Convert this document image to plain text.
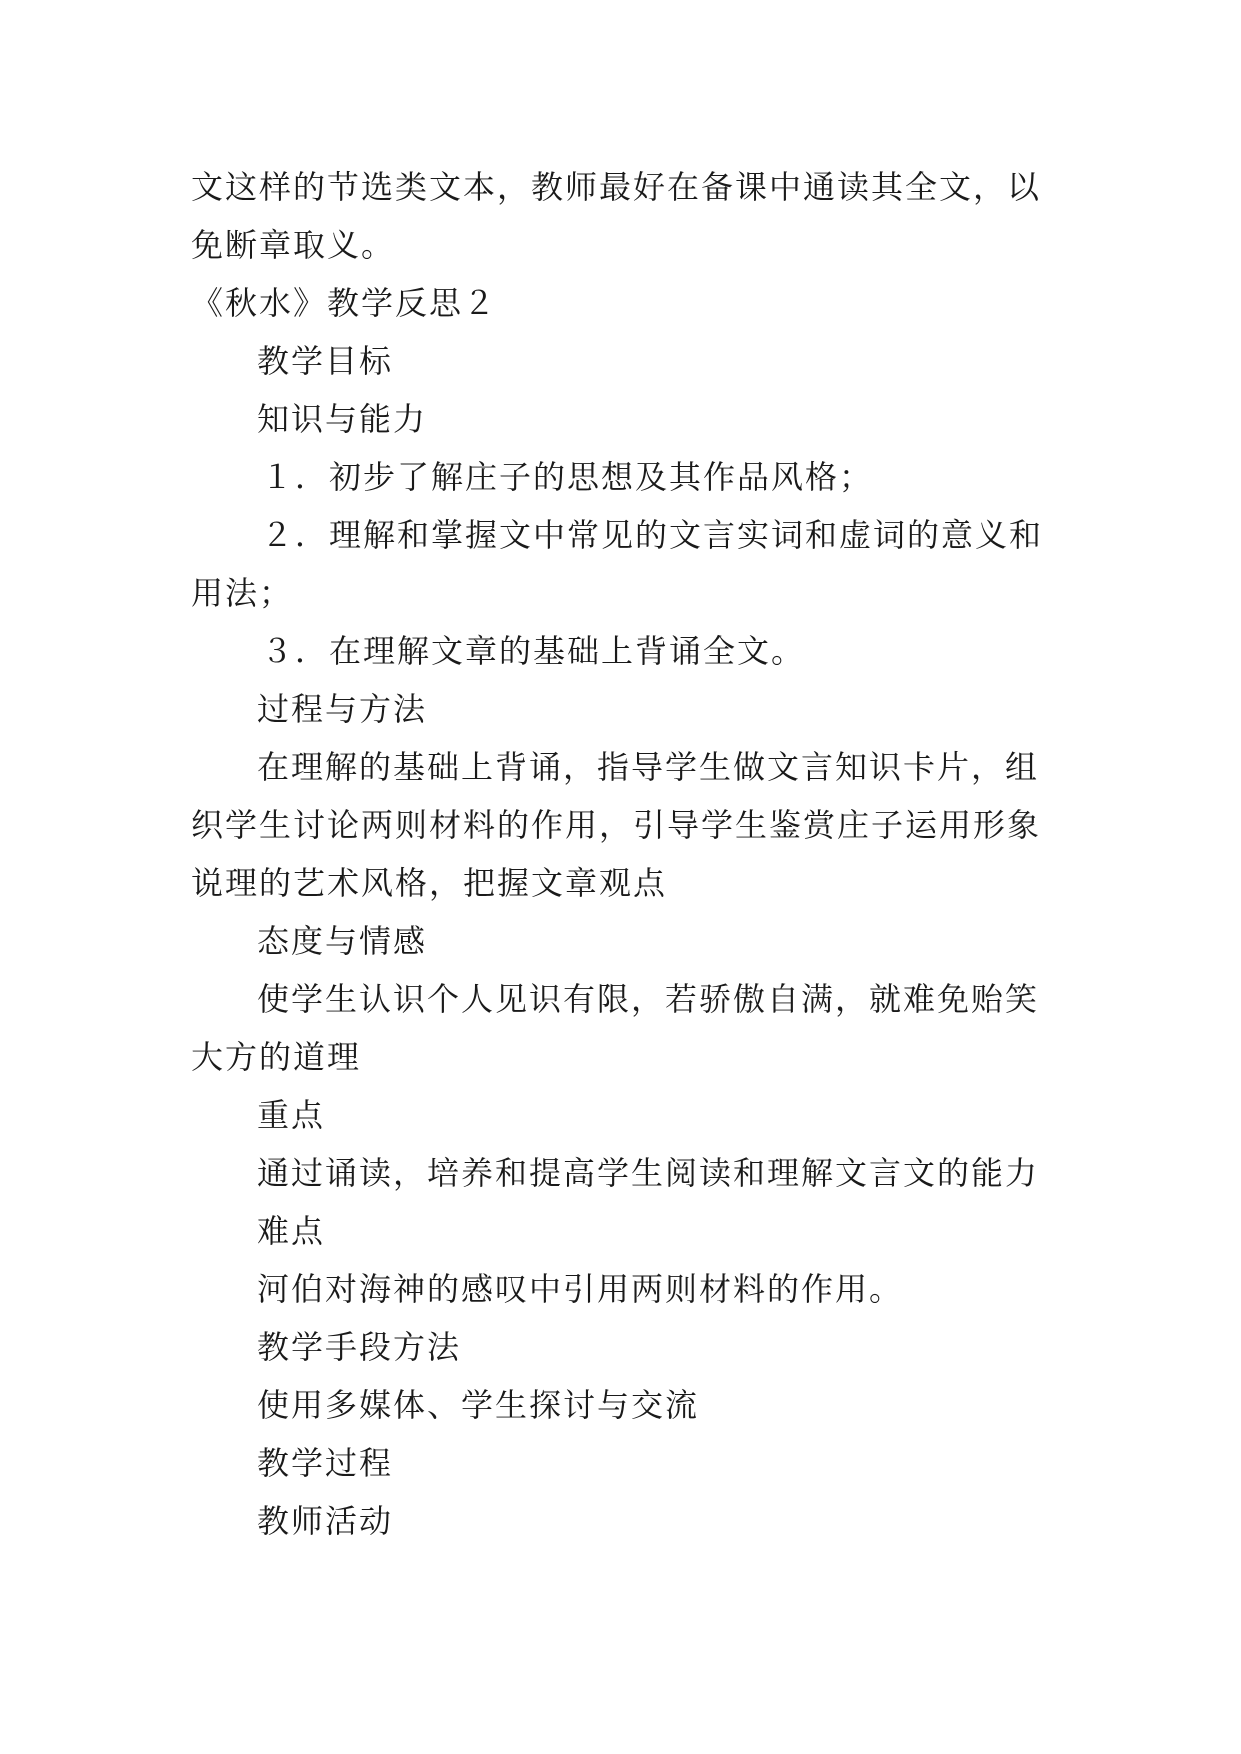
文这样的节选类文本，教师最好在备课中通读其全文，以免断章取义。

《秋水》教学反思２

教学目标

知识与能力

１．初步了解庄子的思想及其作品风格；

２．理解和掌握文中常见的文言实词和虚词的意义和用法；

３．在理解文章的基础上背诵全文。

过程与方法

在理解的基础上背诵，指导学生做文言知识卡片，组织学生讨论两则材料的作用，引导学生鉴赏庄子运用形象说理的艺术风格，把握文章观点

态度与情感

使学生认识个人见识有限，若骄傲自满，就难免贻笑大方的道理

重点

通过诵读，培养和提高学生阅读和理解文言文的能力

难点

河伯对海神的感叹中引用两则材料的作用。

教学手段方法

使用多媒体、学生探讨与交流

教学过程

教师活动
